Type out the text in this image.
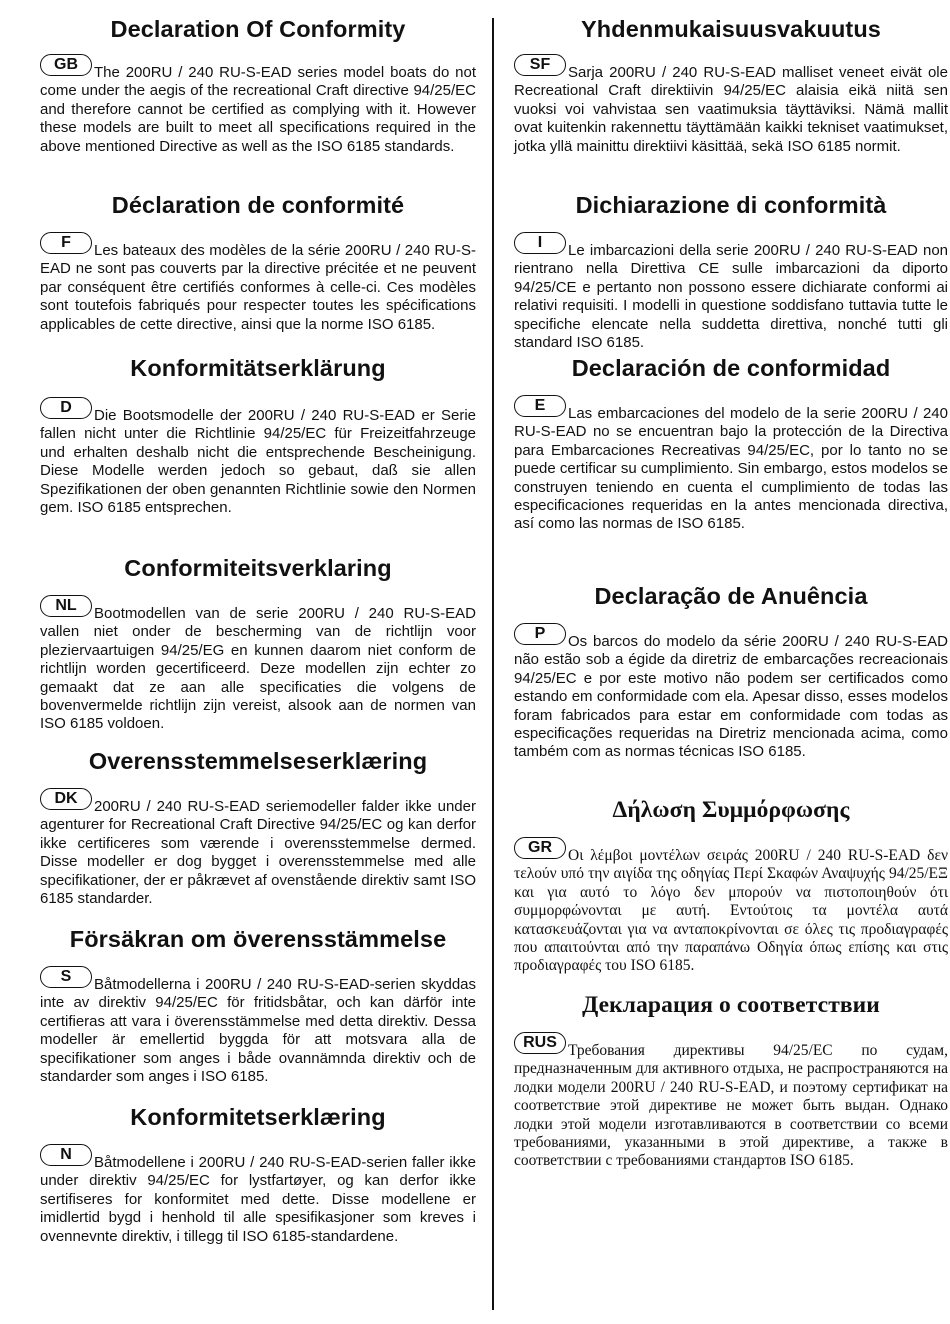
Declaration Of Conformity

GB	The 200RU / 240 RU-S-EAD series model boats do not come under the aegis of the recreational Craft directive 94/25/EC and therefore cannot be certified as complying with it. However these models are built to meet all specifications required in the above mentioned Directive as well as the ISO 6185 standards.

Déclaration de conformité

F	Les bateaux des modèles de la série 200RU / 240 RU-S-EAD ne sont pas couverts par la directive précitée et ne peuvent par conséquent être certifiés conformes à celle-ci. Ces modèles sont toutefois fabriqués pour respecter toutes les spécifications applicables de cette directive, ainsi que la norme ISO 6185.

Konformitätserklärung

D	Die Bootsmodelle der 200RU / 240 RU-S-EAD er Serie fallen nicht unter die Richtlinie 94/25/EC für Freizeitfahrzeuge und erhalten deshalb nicht die entsprechende Bescheinigung. Diese Modelle werden jedoch so gebaut, daß sie allen Spezifikationen der oben genannten Richtlinie sowie den Normen gem. ISO 6185 entsprechen.

Conformiteitsverklaring

NL	Bootmodellen van de serie 200RU / 240 RU-S-EAD vallen niet onder de bescherming van de richtlijn voor pleziervaartuigen 94/25/EG en kunnen daarom niet conform de richtlijn worden gecertificeerd. Deze modellen zijn echter zo gemaakt dat ze aan alle specificaties die volgens de bovenvermelde richtlijn zijn vereist, alsook aan de normen van ISO 6185 voldoen.

Overensstemmelseserklæring

DK	200RU / 240 RU-S-EAD seriemodeller falder ikke under agenturer for Recreational Craft Directive 94/25/EC og kan derfor ikke certificeres som værende i overensstemmelse dermed. Disse modeller er dog bygget i overensstemmelse med alle specifikationer, der er påkrævet af ovenstående direktiv samt ISO 6185 standarder.

Försäkran om överensstämmelse

S	Båtmodellerna i 200RU / 240 RU-S-EAD-serien skyddas inte av direktiv 94/25/EC för fritidsbåtar, och kan därför inte certifieras att vara i överensstämmelse med detta direktiv. Dessa modeller är emellertid byggda för att motsvara alla de specifikationer som anges i både ovannämnda direktiv och de standarder som anges i ISO 6185.

Konformitetserklæring

N	Båtmodellene i 200RU / 240 RU-S-EAD-serien faller ikke under direktiv 94/25/EC for lystfartøyer, og kan derfor ikke sertifiseres for konformitet med dette. Disse modellene er imidlertid bygd i henhold til alle spesifikasjoner som kreves i ovennevnte direktiv, i tillegg til ISO 6185-standardene.

Yhdenmukaisuusvakuutus

SF	Sarja 200RU / 240 RU-S-EAD malliset veneet eivät ole Recreational Craft direktiivin 94/25/EC alaisia eikä niitä sen vuoksi voi vahvistaa sen vaatimuksia täyttäviksi. Nämä mallit ovat kuitenkin rakennettu täyttämään kaikki tekniset vaatimukset, jotka yllä mainittu direktiivi käsittää, sekä ISO 6185 normit.

Dichiarazione di conformità

I	Le imbarcazioni della serie 200RU / 240 RU-S-EAD non rientrano nella Direttiva CE sulle imbarcazioni da diporto 94/25/CE e pertanto non possono essere dichiarate conformi ai relativi requisiti. I modelli in questione soddisfano tuttavia tutte le specifiche elencate nella suddetta direttiva, nonché tutti gli standard ISO 6185.

Declaración de conformidad

E	Las embarcaciones del modelo de la serie 200RU / 240 RU-S-EAD no se encuentran bajo la protección de la Directiva para Embarcaciones Recreativas 94/25/EC, por lo tanto no se puede certificar su cumplimiento. Sin embargo, estos modelos se construyen teniendo en cuenta el cumplimiento de todas las especificaciones requeridas en la antes mencionada directiva, así como las normas de ISO 6185.

Declaração de Anuência

P	Os barcos do modelo da série 200RU / 240 RU-S-EAD não estão sob a égide da diretriz de embarcações recreacionais 94/25/EC e por este motivo não podem ser certificados como estando em conformidade com ela. Apesar disso, esses modelos foram fabricados para estar em conformidade com todas as especificações requeridas na Diretriz mencionada acima, como também com as normas técnicas ISO 6185.

Δήλωση Συμμόρφωσης

GR	Οι λέμβοι μοντέλων σειράς 200RU / 240 RU-S-EAD δεν τελούν υπό την αιγίδα της οδηγίας Περί Σκαφών Αναψυχής 94/25/ΕΞ και για αυτό το λόγο δεν μπορούν να πιστοποιηθούν ότι συμμορφώνονται με αυτή. Εντούτοις τα μοντέλα αυτά κατασκευάζονται για να ανταποκρίνονται σε όλες τις προδιαγραφές που απαιτούνται από την παραπάνω Οδηγία όπως επίσης και στις προδιαγραφές του ISO 6185.

Декларация о соответствии

RUS Требования директивы 94/25/EC по судам, предназначенным для активного отдыха, не распространяются на лодки модели 200RU / 240 RU-S-EAD, и поэтому сертификат на соответствие этой директиве не может быть выдан. Однако лодки этой модели изготавливаются в соответствии со всеми требованиями, указанными в этой директиве, а также в соответствии с требованиями стандартов ISO 6185.
